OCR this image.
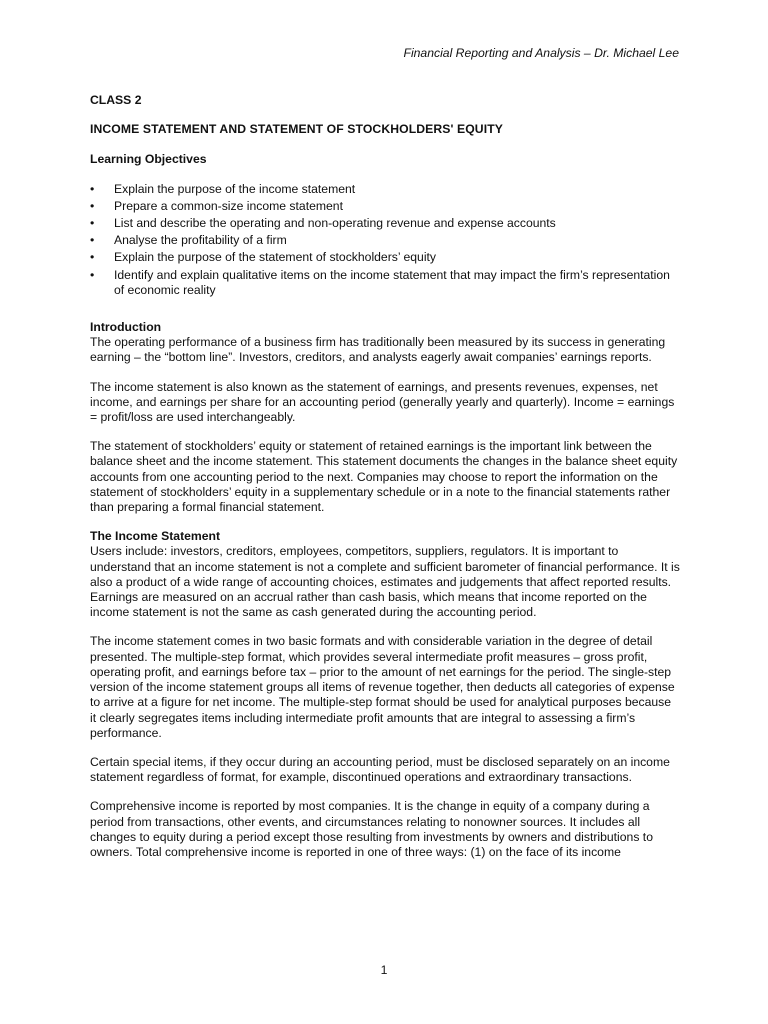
Financial Reporting and Analysis – Dr. Michael Lee
CLASS 2
INCOME STATEMENT AND STATEMENT OF STOCKHOLDERS' EQUITY
Learning Objectives
• Explain the purpose of the income statement
• Prepare a common-size income statement
• List and describe the operating and non-operating revenue and expense accounts
• Analyse the profitability of a firm
• Explain the purpose of the statement of stockholders’ equity
• Identify and explain qualitative items on the income statement that may impact the firm’s representation of economic reality
Introduction

The operating performance of a business firm has traditionally been measured by its success in generating earning – the “bottom line”. Investors, creditors, and analysts eagerly await companies’ earnings reports.

The income statement is also known as the statement of earnings, and presents revenues, expenses, net income, and earnings per share for an accounting period (generally yearly and quarterly). Income = earnings = profit/loss are used interchangeably.

The statement of stockholders’ equity or statement of retained earnings is the important link between the balance sheet and the income statement. This statement documents the changes in the balance sheet equity accounts from one accounting period to the next. Companies may choose to report the information on the statement of stockholders’ equity in a supplementary schedule or in a note to the financial statements rather than preparing a formal financial statement.

The Income Statement

Users include: investors, creditors, employees, competitors, suppliers, regulators. It is important to understand that an income statement is not a complete and sufficient barometer of financial performance. It is also a product of a wide range of accounting choices, estimates and judgements that affect reported results. Earnings are measured on an accrual rather than cash basis, which means that income reported on the income statement is not the same as cash generated during the accounting period.

The income statement comes in two basic formats and with considerable variation in the degree of detail presented. The multiple-step format, which provides several intermediate profit measures – gross profit, operating profit, and earnings before tax – prior to the amount of net earnings for the period. The single-step version of the income statement groups all items of revenue together, then deducts all categories of expense to arrive at a figure for net income. The multiple-step format should be used for analytical purposes because it clearly segregates items including intermediate profit amounts that are integral to assessing a firm’s performance.

Certain special items, if they occur during an accounting period, must be disclosed separately on an income statement regardless of format, for example, discontinued operations and extraordinary transactions.

Comprehensive income is reported by most companies. It is the change in equity of a company during a period from transactions, other events, and circumstances relating to nonowner sources. It includes all changes to equity during a period except those resulting from investments by owners and distributions to owners. Total comprehensive income is reported in one of three ways: (1) on the face of its income

1
